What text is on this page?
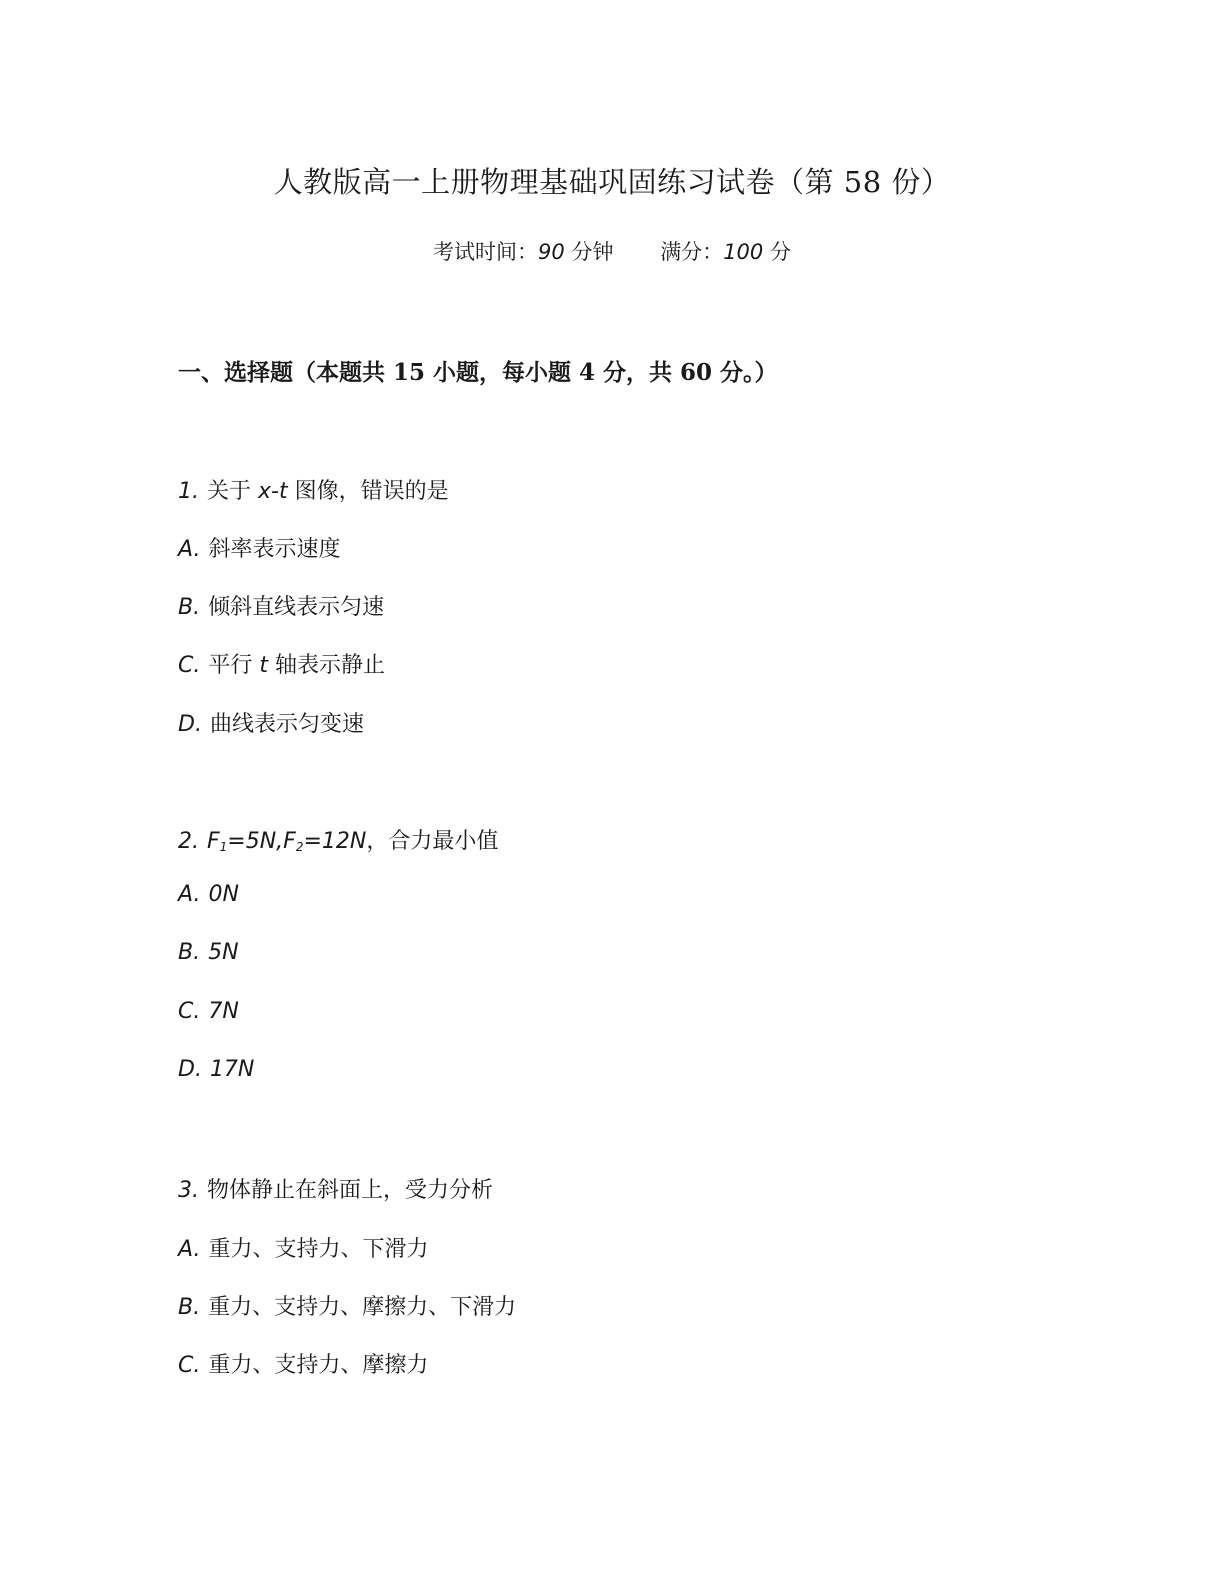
人教版高一上册物理基础巩固练习试卷（第 58 份）
考试时间：90 分钟 满分：100 分
一、选择题（本题共 15 小题，每小题 4 分，共 60 分。）
1. 关于 x-t 图像，错误的是
A. 斜率表示速度
B. 倾斜直线表示匀速
C. 平行 t 轴表示静止
D. 曲线表示匀变速
2. $F_1=5N,F_2=12N$，合力最小值
A. 0N
B. 5N
C. 7N
D. 17N
3. 物体静止在斜面上，受力分析
A. 重力、支持力、下滑力
B. 重力、支持力、摩擦力、下滑力
C. 重力、支持力、摩擦力
